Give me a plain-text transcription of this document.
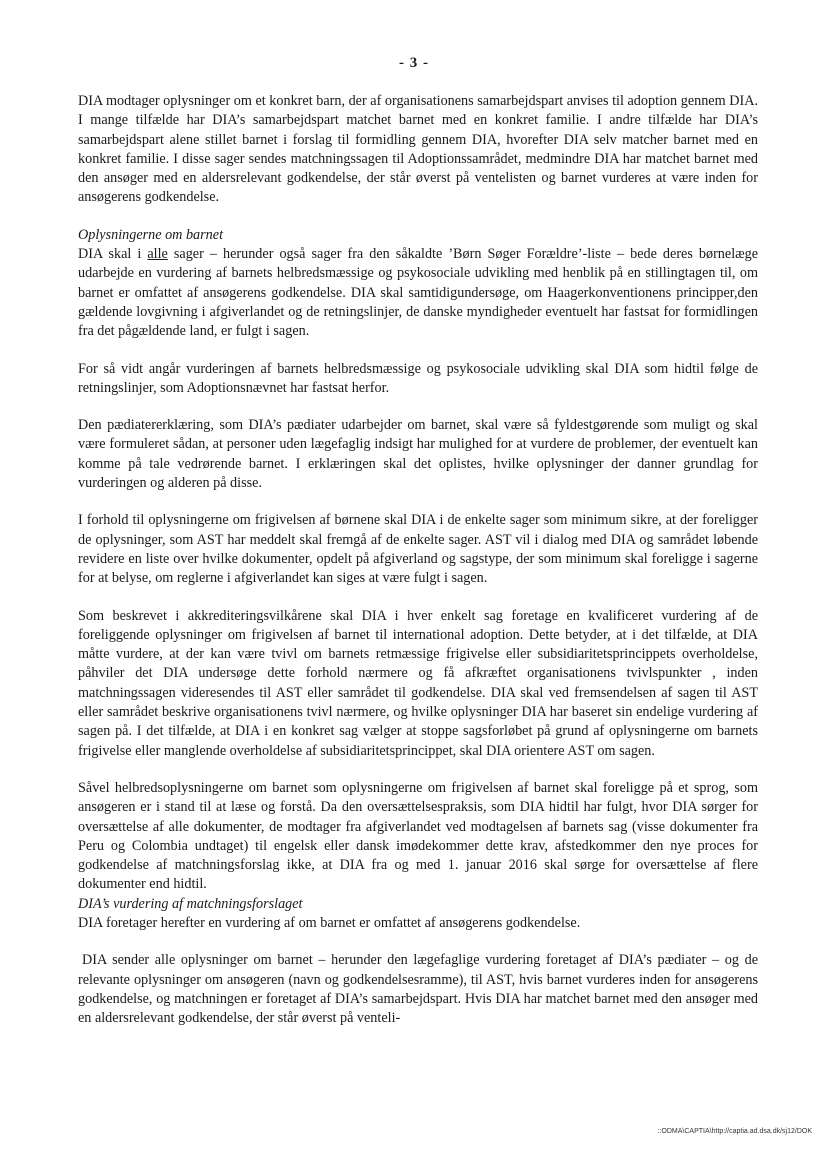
- 3 -

DIA modtager oplysninger om et konkret barn, der af organisationens samarbejdspart anvises til adoption gennem DIA. I mange tilfælde har DIA’s samarbejdspart matchet barnet med en konkret familie. I andre tilfælde har DIA’s samarbejdspart alene stillet barnet i forslag til formidling gennem DIA, hvorefter DIA selv matcher barnet med en konkret familie. I disse sager sendes matchningssagen til Adoptionssamrådet, medmindre DIA har matchet barnet med den ansøger med en aldersrelevant godkendelse, der står øverst på ventelisten og barnet vurderes at være inden for ansøgerens godkendelse.

Oplysningerne om barnet

DIA skal i alle sager – herunder også sager fra den såkaldte ’Børn Søger Forældre’-liste – bede deres børnelæge udarbejde en vurdering af barnets helbredsmæssige og psykosociale udvikling med henblik på en stillingtagen til, om barnet er omfattet af ansøgerens godkendelse. DIA skal samtidigundersøge, om Haagerkonventionens principper,den gældende lovgivning i afgiverlandet og de retningslinjer, de danske myndigheder eventuelt har fastsat for formidlingen fra det pågældende land, er fulgt i sagen.

For så vidt angår vurderingen af barnets helbredsmæssige og psykosociale udvikling skal DIA som hidtil følge de retningslinjer, som Adoptionsnævnet har fastsat herfor.

Den pædiatererklæring, som DIA’s pædiater udarbejder om barnet, skal være så fyldestgørende som muligt og skal være formuleret sådan, at personer uden lægefaglig indsigt har mulighed for at vurdere de problemer, der eventuelt kan komme på tale vedrørende barnet. I erklæringen skal det oplistes, hvilke oplysninger der danner grundlag for vurderingen og alderen på disse.

I forhold til oplysningerne om frigivelsen af børnene skal DIA i de enkelte sager som minimum sikre, at der foreligger de oplysninger, som AST har meddelt skal fremgå af de enkelte sager. AST vil i dialog med DIA og samrådet løbende revidere en liste over hvilke dokumenter, opdelt på afgiverland og sagstype, der som minimum skal foreligge i sagerne for at belyse, om reglerne i afgiverlandet kan siges at være fulgt i sagen.

Som beskrevet i akkrediteringsvilkårene skal DIA i hver enkelt sag foretage en kvalificeret vurdering af de foreliggende oplysninger om frigivelsen af barnet til international adoption. Dette betyder, at i det tilfælde, at DIA måtte vurdere, at der kan være tvivl om barnets retmæssige frigivelse eller subsidiaritetsprincippets overholdelse, påhviler det DIA undersøge dette forhold nærmere og få afkræftet organisationens tvivlspunkter , inden matchningssagen videresendes til AST eller samrådet til godkendelse. DIA skal ved fremsendelsen af sagen til AST eller samrådet beskrive organisationens tvivl nærmere, og hvilke oplysninger DIA har baseret sin endelige vurdering af sagen på. I det tilfælde, at DIA i en konkret sag vælger at stoppe sagsforløbet på grund af oplysningerne om barnets frigivelse eller manglende overholdelse af subsidiaritetsprincippet, skal DIA orientere AST om sagen.

Såvel helbredsoplysningerne om barnet som oplysningerne om frigivelsen af barnet skal foreligge på et sprog, som ansøgeren er i stand til at læse og forstå. Da den oversættelsespraksis, som DIA hidtil har fulgt, hvor DIA sørger for oversættelse af alle dokumenter, de modtager fra afgiverlandet ved modtagelsen af barnets sag (visse dokumenter fra Peru og Colombia undtaget) til engelsk eller dansk imødekommer dette krav, afstedkommer den nye proces for godkendelse af matchningsforslag ikke, at DIA fra og med 1. januar 2016 skal sørge for oversættelse af flere dokumenter end hidtil.

DIA’s vurdering af matchningsforslaget

DIA foretager herefter en vurdering af om barnet er omfattet af ansøgerens godkendelse.

DIA sender alle oplysninger om barnet – herunder den lægefaglige vurdering foretaget af DIA’s pædiater – og de relevante oplysninger om ansøgeren (navn og godkendelsesramme), til AST, hvis barnet vurderes inden for ansøgerens godkendelse, og matchningen er foretaget af DIA’s samarbejdspart. Hvis DIA har matchet barnet med den ansøger med en aldersrelevant godkendelse, der står øverst på venteli-

::ODMA\CAPTIA\http://captia.ad.dsa.dk/sj12/DOK
